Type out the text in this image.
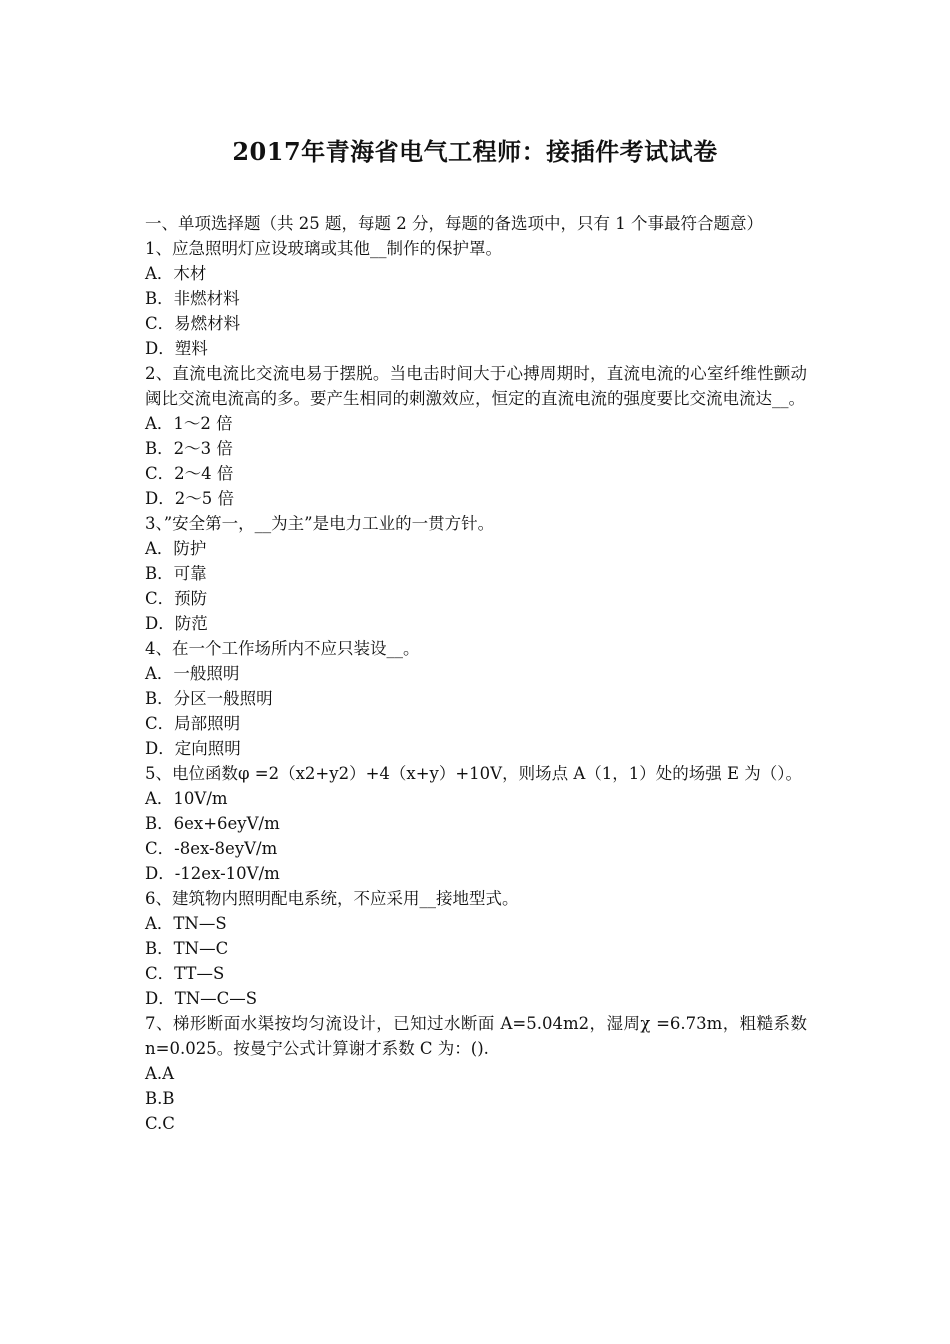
2017年青海省电气工程师：接插件考试试卷
一、单项选择题（共 25 题，每题 2 分，每题的备选项中，只有 1 个事最符合题意）
1、应急照明灯应设玻璃或其他__制作的保护罩。
A．木材
B．非燃材料
C．易燃材料
D．塑料
2、直流电流比交流电易于摆脱。当电击时间大于心搏周期时，直流电流的心室纤维性颤动阈比交流电流高的多。要产生相同的刺激效应，恒定的直流电流的强度要比交流电流达__。
A．1～2 倍
B．2～3 倍
C．2～4 倍
D．2～5 倍
3、”安全第一，__为主”是电力工业的一贯方针。
A．防护
B．可靠
C．预防
D．防范
4、在一个工作场所内不应只装设__。
A．一般照明
B．分区一般照明
C．局部照明
D．定向照明
5、电位函数φ =2（x2+y2）+4（x+y）+10V，则场点 A（1，1）处的场强 E 为（）。
A．10V/m
B．6ex+6eyV/m
C．-8ex-8eyV/m
D．-12ex-10V/m
6、建筑物内照明配电系统，不应采用__接地型式。
A．TN—S
B．TN—C
C．TT—S
D．TN—C—S
7、梯形断面水渠按均匀流设计，已知过水断面 A=5.04m2，湿周χ =6.73m，粗糙系数 n=0.025。按曼宁公式计算谢才系数 C 为：().
A.A
B.B
C.C
